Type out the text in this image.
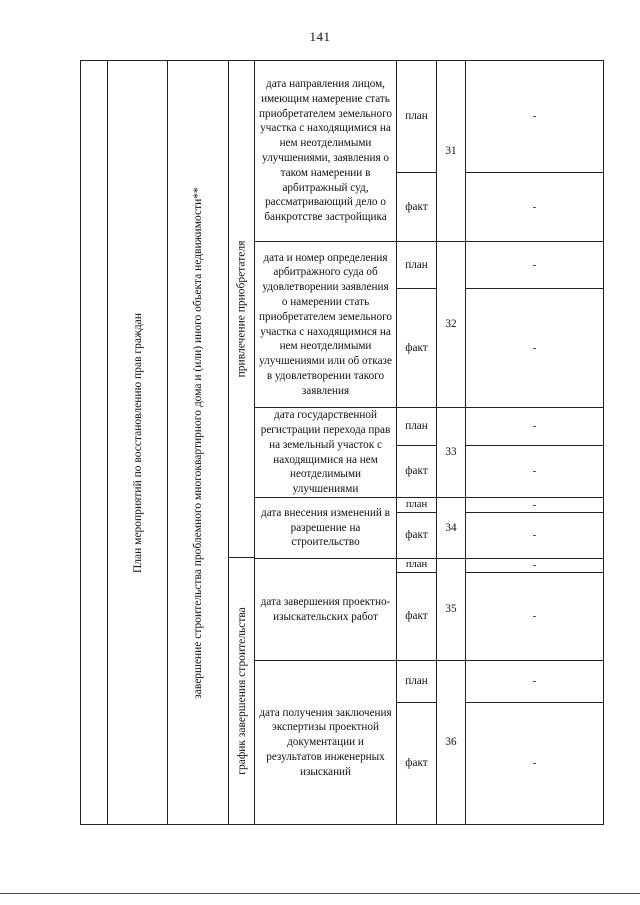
141
План мероприятий по восстановлению прав граждан	завершение строительства проблемного многоквартирного дома и (или) иного объекта недвижимости**	привлечение приобретателя
график завершения строительства
дата направления лицом, имеющим намерение стать приобретателем земельного участка с находящимися на нем неотделимыми улучшениями, заявления о таком намерении в арбитражный суд, рассматривающий дело о банкротстве застройщика
план
факт
31
-
-
дата и номер определения арбитражного суда об удовлетворении заявления о намерении стать приобретателем земельного участка с находящимися на нем неотделимыми улучшениями или об отказе в удовлетворении такого заявления
план
факт
32
-
-
дата государственной регистрации перехода прав на земельный участок с находящимися на нем неотделимыми улучшениями
план
факт
33
-
-
дата внесения изменений в разрешение на строительство
план
факт
34
-
-
дата завершения проектно-изыскательских работ
план
факт
35
-
-
дата получения заключения экспертизы проектной документации и результатов инженерных изысканий
план
факт
36
-
-
